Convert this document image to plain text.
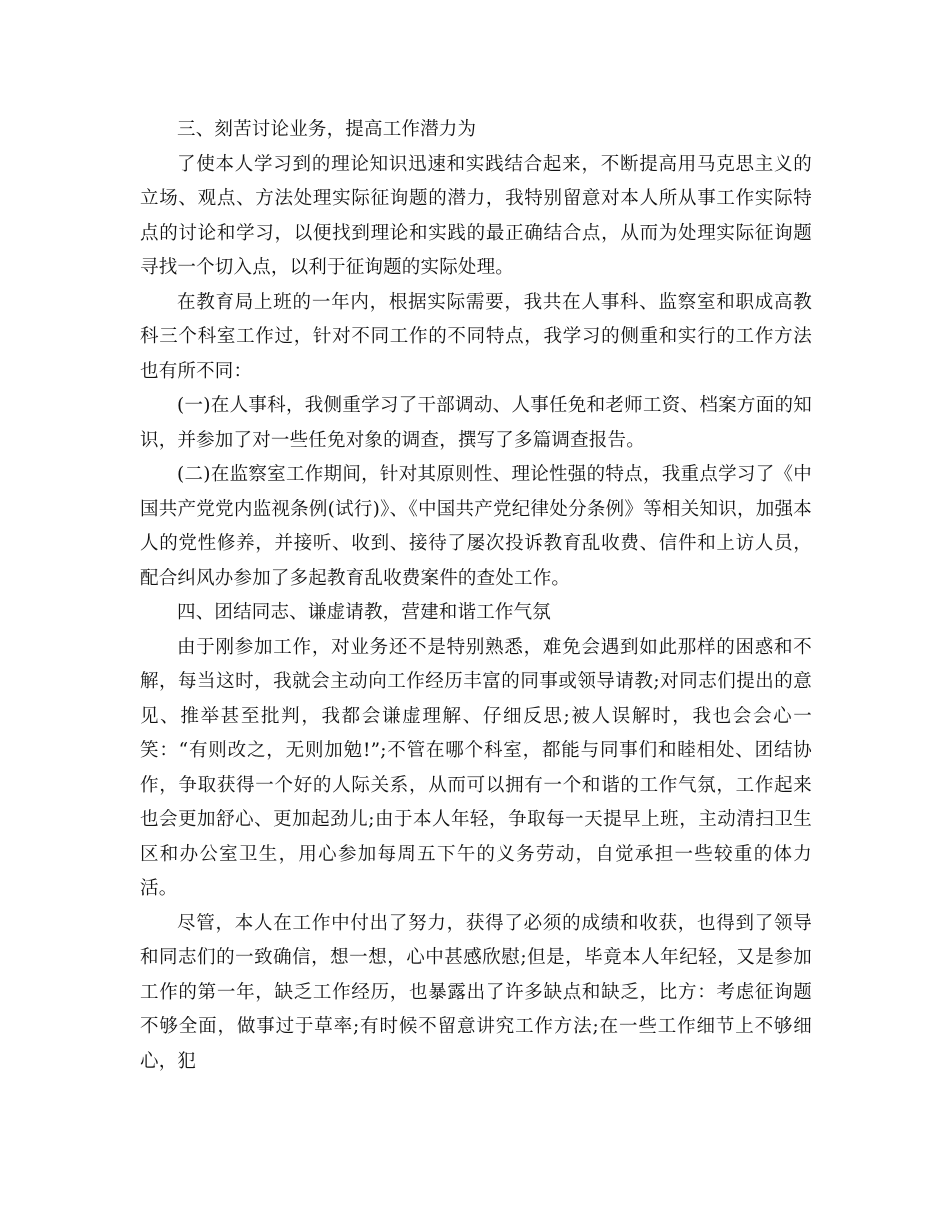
三、刻苦讨论业务，提高工作潜力为

了使本人学习到的理论知识迅速和实践结合起来，不断提高用马克思主义的立场、观点、方法处理实际征询题的潜力，我特别留意对本人所从事工作实际特点的讨论和学习，以便找到理论和实践的最正确结合点，从而为处理实际征询题寻找一个切入点，以利于征询题的实际处理。

在教育局上班的一年内，根据实际需要，我共在人事科、监察室和职成高教科三个科室工作过，针对不同工作的不同特点，我学习的侧重和实行的工作方法也有所不同：

(一)在人事科，我侧重学习了干部调动、人事任免和老师工资、档案方面的知识，并参加了对一些任免对象的调查，撰写了多篇调查报告。

(二)在监察室工作期间，针对其原则性、理论性强的特点，我重点学习了《中国共产党党内监视条例(试行)》、《中国共产党纪律处分条例》等相关知识，加强本人的党性修养，并接听、收到、接待了屡次投诉教育乱收费、信件和上访人员，配合纠风办参加了多起教育乱收费案件的查处工作。

四、团结同志、谦虚请教，营建和谐工作气氛

由于刚参加工作，对业务还不是特别熟悉，难免会遇到如此那样的困惑和不解，每当这时，我就会主动向工作经历丰富的同事或领导请教;对同志们提出的意见、推举甚至批判，我都会谦虚理解、仔细反思;被人误解时，我也会会心一笑：“有则改之，无则加勉!”;不管在哪个科室，都能与同事们和睦相处、团结协作，争取获得一个好的人际关系，从而可以拥有一个和谐的工作气氛，工作起来也会更加舒心、更加起劲儿;由于本人年轻，争取每一天提早上班，主动清扫卫生区和办公室卫生，用心参加每周五下午的义务劳动，自觉承担一些较重的体力活。

尽管，本人在工作中付出了努力，获得了必须的成绩和收获，也得到了领导和同志们的一致确信，想一想，心中甚感欣慰;但是，毕竟本人年纪轻，又是参加工作的第一年，缺乏工作经历，也暴露出了许多缺点和缺乏，比方：考虑征询题不够全面，做事过于草率;有时候不留意讲究工作方法;在一些工作细节上不够细心，犯
